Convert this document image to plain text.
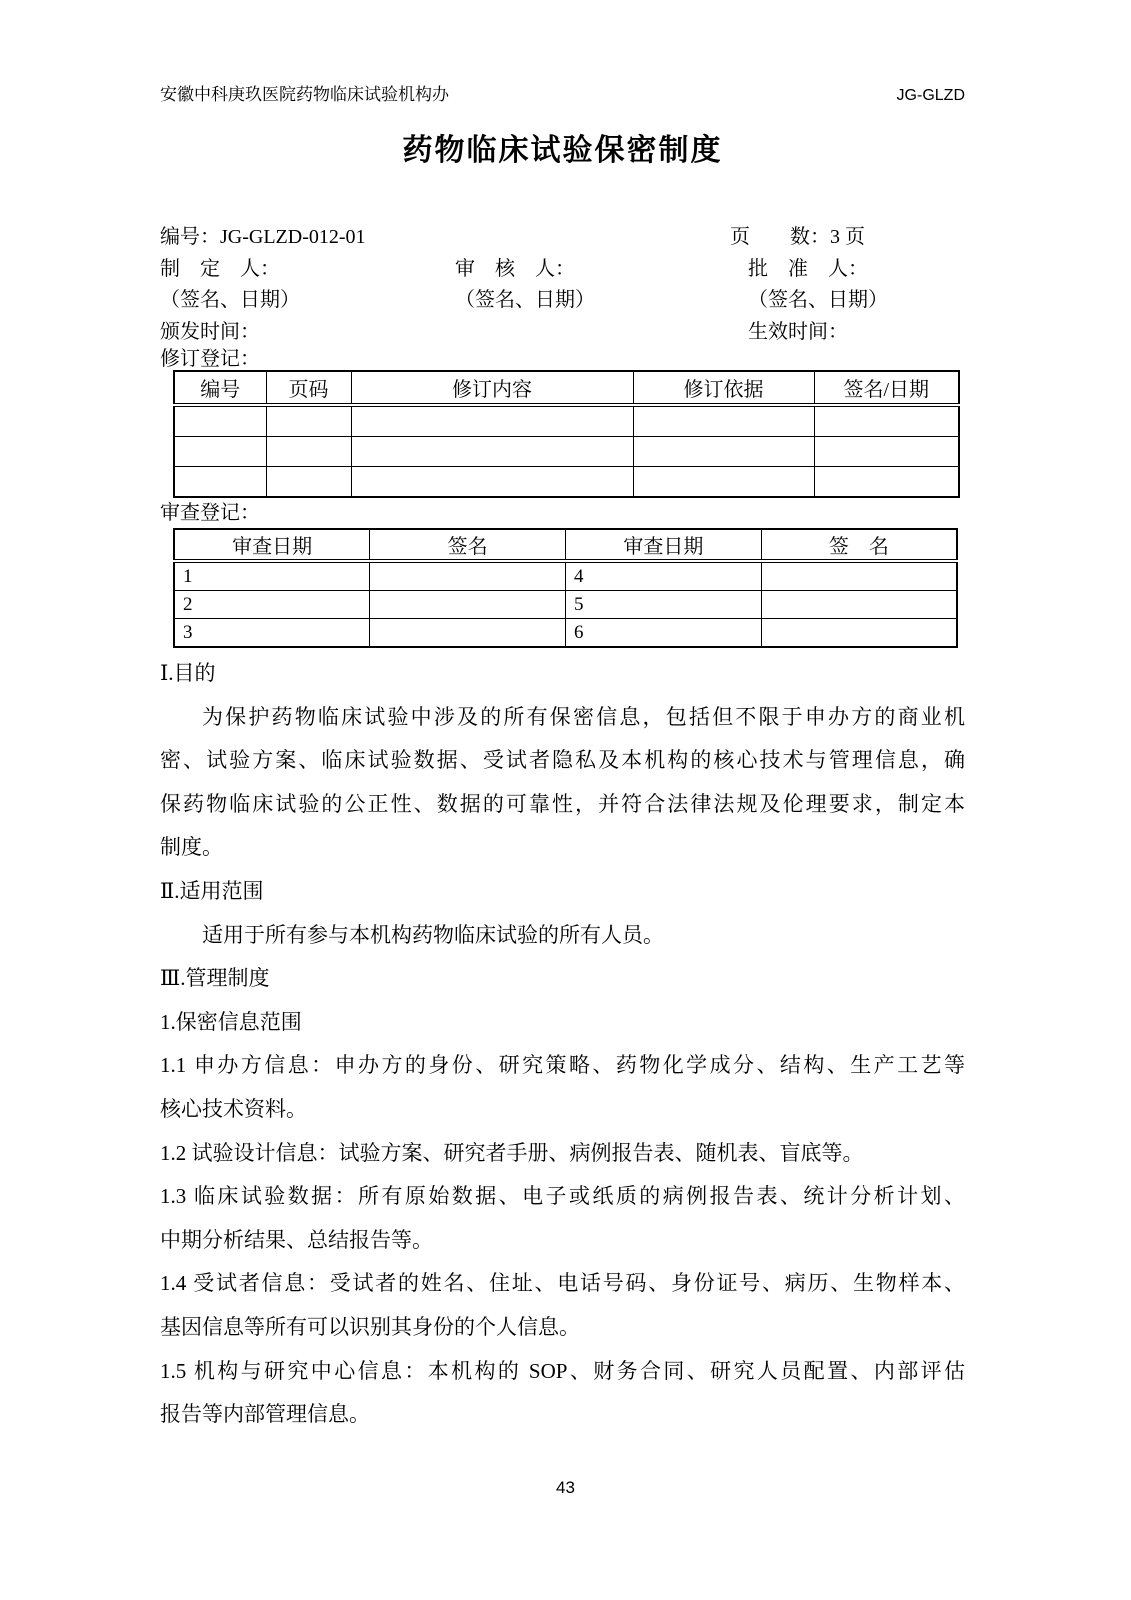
安徽中科庚玖医院药物临床试验机构办	JG-GLZD
药物临床试验保密制度
编号：JG-GLZD-012-01	页　　数：3 页
制　定　人：	审　核　人：	批　准　人：
（签名、日期）	（签名、日期）	（签名、日期）
颁发时间：	生效时间：
修订登记：
编号	页码	修订内容	修订依据	签名/日期

审查登记：
审查日期	签名	审查日期	签　名
1		4	
2		5	
3		6	
Ⅰ.目的
为保护药物临床试验中涉及的所有保密信息，包括但不限于申办方的商业机
密、试验方案、临床试验数据、受试者隐私及本机构的核心技术与管理信息，确
保药物临床试验的公正性、数据的可靠性，并符合法律法规及伦理要求，制定本
制度。
Ⅱ.适用范围
适用于所有参与本机构药物临床试验的所有人员。
Ⅲ.管理制度
1.保密信息范围
1.1 申办方信息：申办方的身份、研究策略、药物化学成分、结构、生产工艺等
核心技术资料。
1.2 试验设计信息：试验方案、研究者手册、病例报告表、随机表、盲底等。
1.3 临床试验数据：所有原始数据、电子或纸质的病例报告表、统计分析计划、
中期分析结果、总结报告等。
1.4 受试者信息：受试者的姓名、住址、电话号码、身份证号、病历、生物样本、
基因信息等所有可以识别其身份的个人信息。
1.5 机构与研究中心信息：本机构的 SOP、财务合同、研究人员配置、内部评估
报告等内部管理信息。
43
